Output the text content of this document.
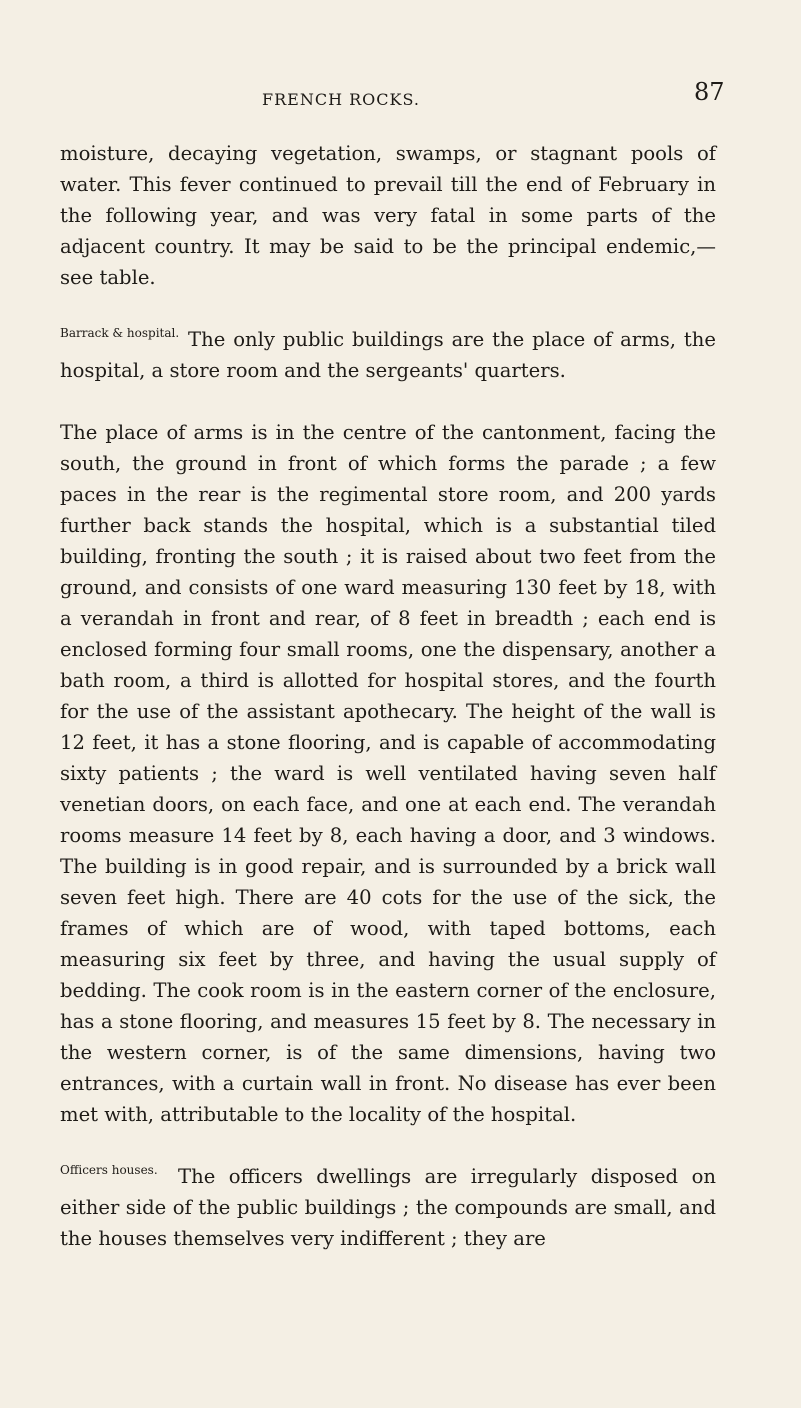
FRENCH ROCKS.	87

moisture, decaying vegetation, swamps, or stagnant pools of water. This fever continued to prevail till the end of February in the following year, and was very fatal in some parts of the adjacent country. It may be said to be the principal endemic,—see table.

Barrack & hospital. The only public buildings are the place of arms, the hospital, a store room and the sergeants' quarters.

The place of arms is in the centre of the cantonment, facing the south, the ground in front of which forms the parade ; a few paces in the rear is the regimental store room, and 200 yards further back stands the hospital, which is a substantial tiled building, fronting the south ; it is raised about two feet from the ground, and consists of one ward measuring 130 feet by 18, with a verandah in front and rear, of 8 feet in breadth ; each end is enclosed forming four small rooms, one the dispensary, another a bath room, a third is allotted for hospital stores, and the fourth for the use of the assistant apothecary. The height of the wall is 12 feet, it has a stone flooring, and is capable of accommodating sixty patients ; the ward is well ventilated having seven half venetian doors, on each face, and one at each end. The verandah rooms measure 14 feet by 8, each having a door, and 3 windows. The building is in good repair, and is surrounded by a brick wall seven feet high. There are 40 cots for the use of the sick, the frames of which are of wood, with taped bottoms, each measuring six feet by three, and having the usual supply of bedding. The cook room is in the eastern corner of the enclosure, has a stone flooring, and measures 15 feet by 8. The necessary in the western corner, is of the same dimensions, having two entrances, with a curtain wall in front. No disease has ever been met with, attributable to the locality of the hospital.

Officers houses.	The officers dwellings are irregularly disposed on either side of the public buildings ; the compounds are small, and the houses themselves very indifferent ; they are
